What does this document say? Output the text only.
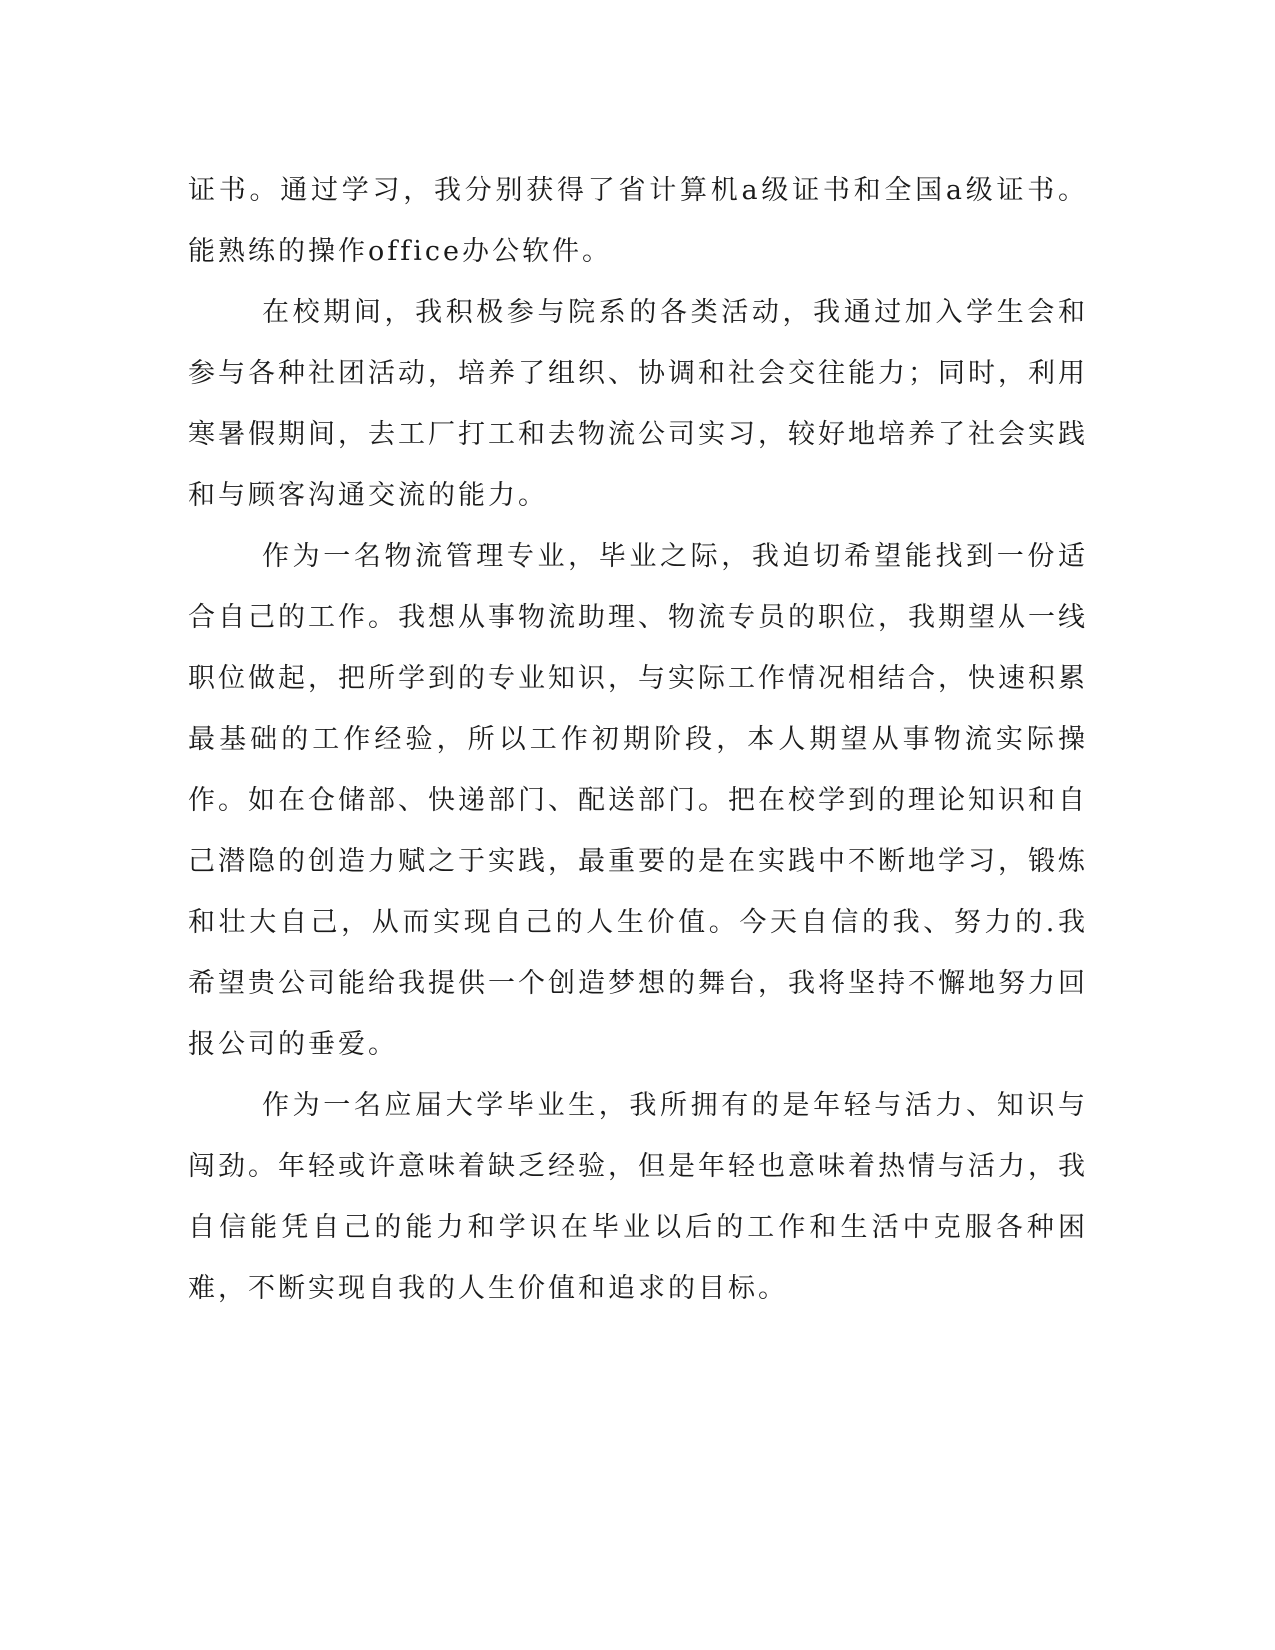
证书。通过学习，我分别获得了省计算机a级证书和全国a级证书。能熟练的操作office办公软件。

在校期间，我积极参与院系的各类活动，我通过加入学生会和参与各种社团活动，培养了组织、协调和社会交往能力；同时，利用寒暑假期间，去工厂打工和去物流公司实习，较好地培养了社会实践和与顾客沟通交流的能力。

作为一名物流管理专业，毕业之际，我迫切希望能找到一份适合自己的工作。我想从事物流助理、物流专员的职位，我期望从一线职位做起，把所学到的专业知识，与实际工作情况相结合，快速积累最基础的工作经验，所以工作初期阶段，本人期望从事物流实际操作。如在仓储部、快递部门、配送部门。把在校学到的理论知识和自己潜隐的创造力赋之于实践，最重要的是在实践中不断地学习，锻炼和壮大自己，从而实现自己的人生价值。今天自信的我、努力的.我希望贵公司能给我提供一个创造梦想的舞台，我将坚持不懈地努力回报公司的垂爱。

作为一名应届大学毕业生，我所拥有的是年轻与活力、知识与闯劲。年轻或许意味着缺乏经验，但是年轻也意味着热情与活力，我自信能凭自己的能力和学识在毕业以后的工作和生活中克服各种困难，不断实现自我的人生价值和追求的目标。
